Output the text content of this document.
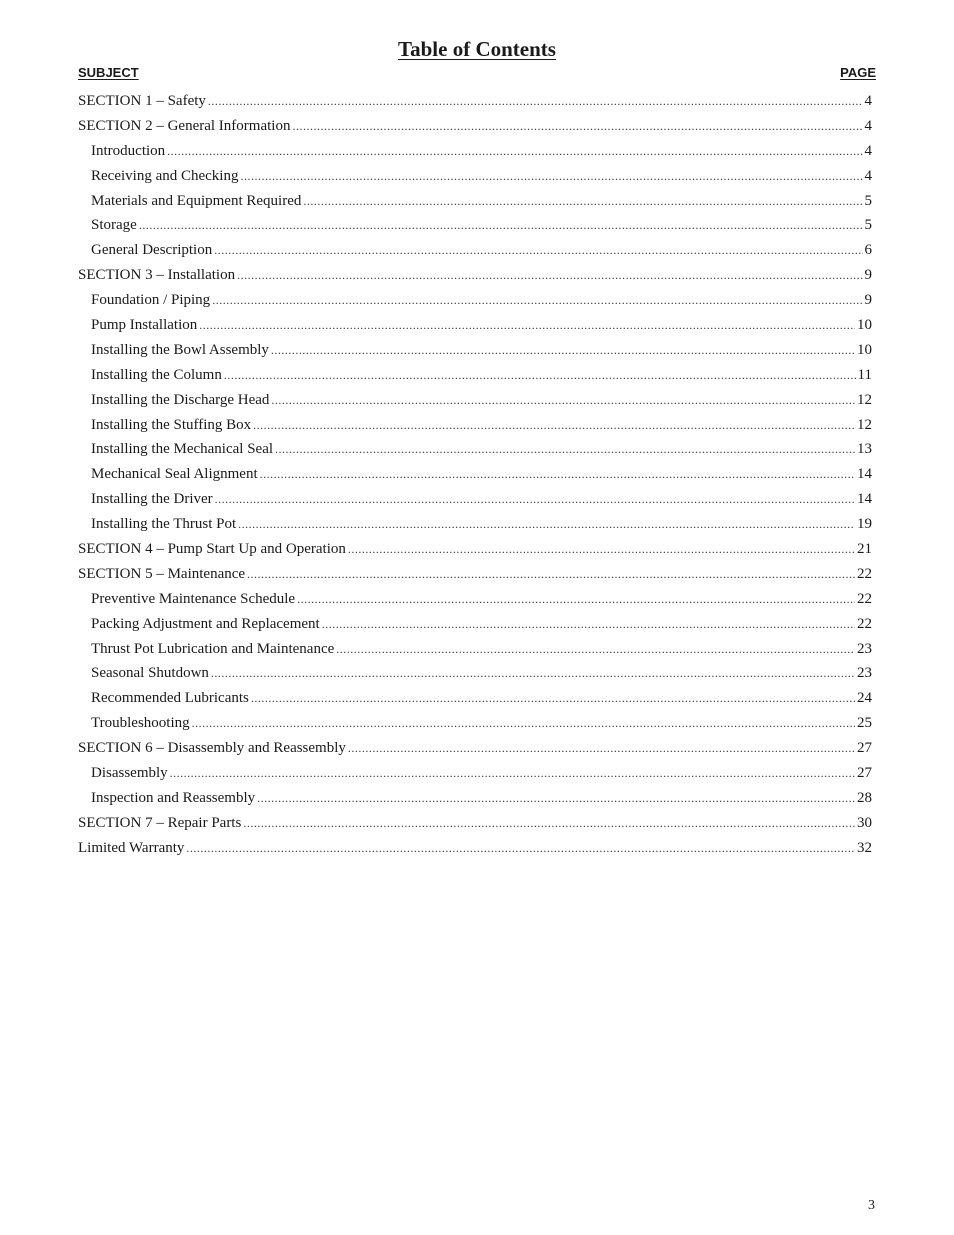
Table of Contents
SUBJECT	PAGE
SECTION 1 – Safety .....	4
SECTION 2 – General Information .....	4
Introduction .....	4
Receiving and Checking .....	4
Materials and Equipment Required .....	5
Storage .....	5
General Description .....	6
SECTION 3 – Installation .....	9
Foundation / Piping .....	9
Pump Installation .....	10
Installing the Bowl Assembly .....	10
Installing the Column .....	11
Installing the Discharge Head .....	12
Installing the Stuffing Box .....	12
Installing the Mechanical Seal .....	13
Mechanical Seal Alignment .....	14
Installing the Driver .....	14
Installing the Thrust Pot .....	19
SECTION 4 – Pump Start Up and Operation .....	21
SECTION 5 – Maintenance .....	22
Preventive Maintenance Schedule .....	22
Packing Adjustment and Replacement .....	22
Thrust Pot Lubrication and Maintenance .....	23
Seasonal Shutdown .....	23
Recommended Lubricants .....	24
Troubleshooting .....	25
SECTION 6 – Disassembly and Reassembly .....	27
Disassembly .....	27
Inspection and Reassembly .....	28
SECTION 7 – Repair Parts .....	30
Limited Warranty .....	32
3
